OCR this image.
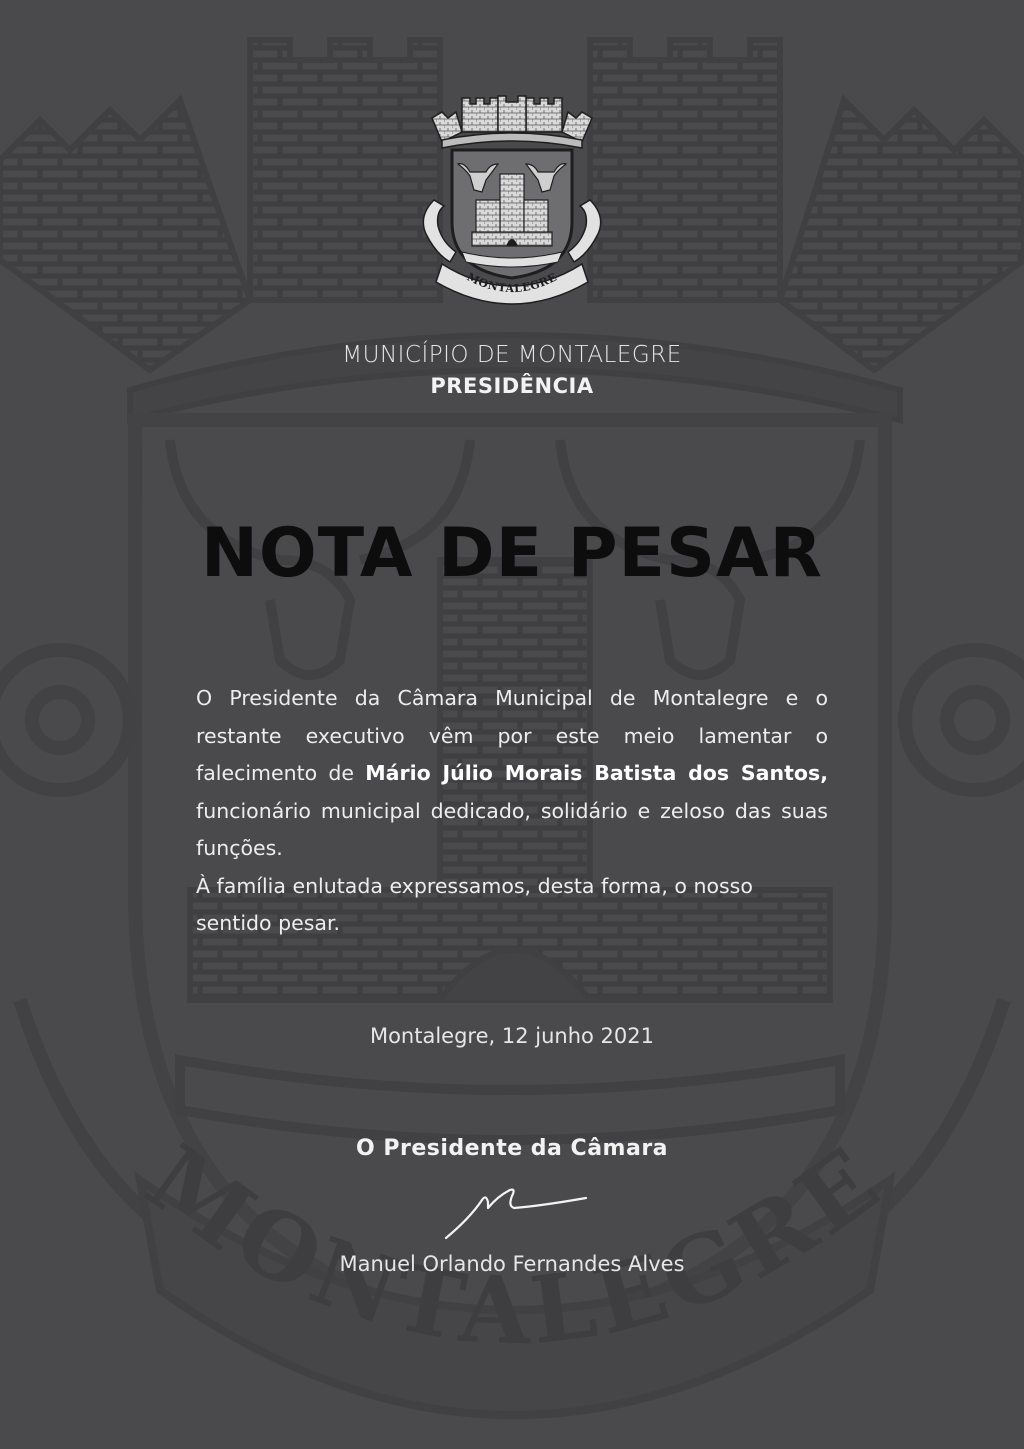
MONTALEGRE
MONTALEGRE
MUNICÍPIO DE MONTALEGRE
PRESIDÊNCIA
NOTA DE PESAR

O Presidente da Câmara Municipal de Montalegre e o restante executivo vêm por este meio lamentar o falecimento de Mário Júlio Morais Batista dos Santos, funcionário municipal dedicado, solidário e zeloso das suas funções.

À família enlutada expressamos, desta forma, o nosso sentido pesar.

Montalegre, 12 junho 2021
O Presidente da Câmara
Manuel Orlando Fernandes Alves
